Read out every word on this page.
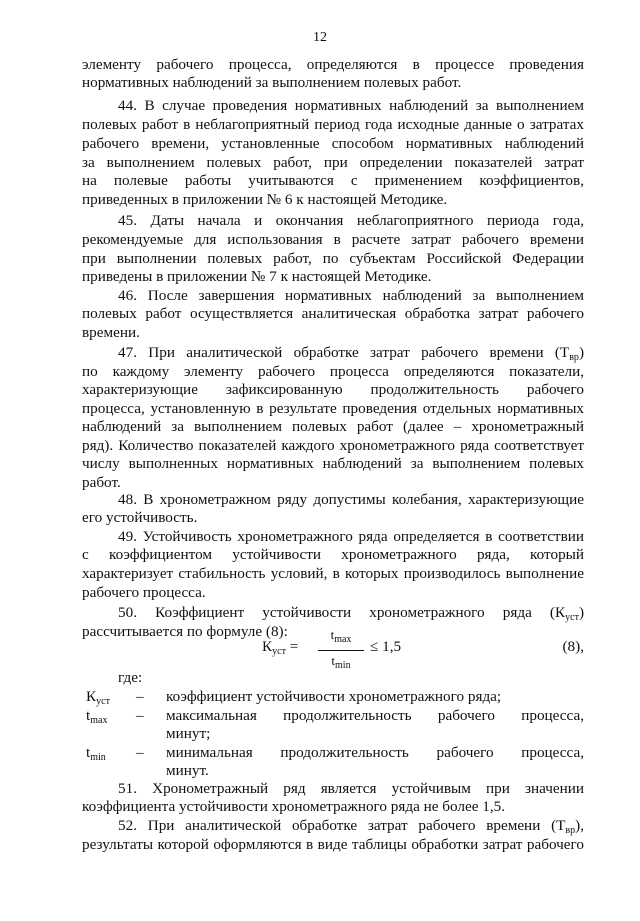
12
элементу рабочего процесса, определяются в процессе проведения
нормативных наблюдений за выполнением полевых работ.
44. В случае проведения нормативных наблюдений за выполнением
полевых работ в неблагоприятный период года исходные данные о затратах
рабочего времени, установленные способом нормативных наблюдений
за выполнением полевых работ, при определении показателей затрат
на полевые работы учитываются с применением коэффициентов,
приведенных в приложении № 6 к настоящей Методике.
45. Даты начала и окончания неблагоприятного периода года,
рекомендуемые для использования в расчете затрат рабочего времени
при выполнении полевых работ, по субъектам Российской Федерации
приведены в приложении № 7 к настоящей Методике.
46. После завершения нормативных наблюдений за выполнением
полевых работ осуществляется аналитическая обработка затрат рабочего
времени.
47. При аналитической обработке затрат рабочего времени $(Т_{вр})$
по каждому элементу рабочего процесса определяются показатели,
характеризующие зафиксированную продолжительность рабочего
процесса, установленную в результате проведения отдельных нормативных
наблюдений за выполнением полевых работ (далее – хронометражный
ряд). Количество показателей каждого хронометражного ряда соответствует
числу выполненных нормативных наблюдений за выполнением полевых
работ.
48. В хронометражном ряду допустимы колебания, характеризующие
его устойчивость.
49. Устойчивость хронометражного ряда определяется в соответствии
с коэффициентом устойчивости хронометражного ряда, который
характеризует стабильность условий, в которых производилось выполнение
рабочего процесса.
50. Коэффициент устойчивости хронометражного ряда $(К_{уст})$
рассчитывается по формуле (8):
$К_{уст}$ =
$t_{max}$
$t_{min}$
≤ 1,5	(8),
где:
$К_{уст}$ – коэффициент устойчивости хронометражного ряда;
$t_{max}$ – максимальная продолжительность рабочего процесса,
минут;
$t_{min}$ – минимальная продолжительность рабочего процесса,
минут.
51. Хронометражный ряд является устойчивым при значении
коэффициента устойчивости хронометражного ряда не более 1,5.
52. При аналитической обработке затрат рабочего времени $(Т_{вр})$,
результаты которой оформляются в виде таблицы обработки затрат рабочего
